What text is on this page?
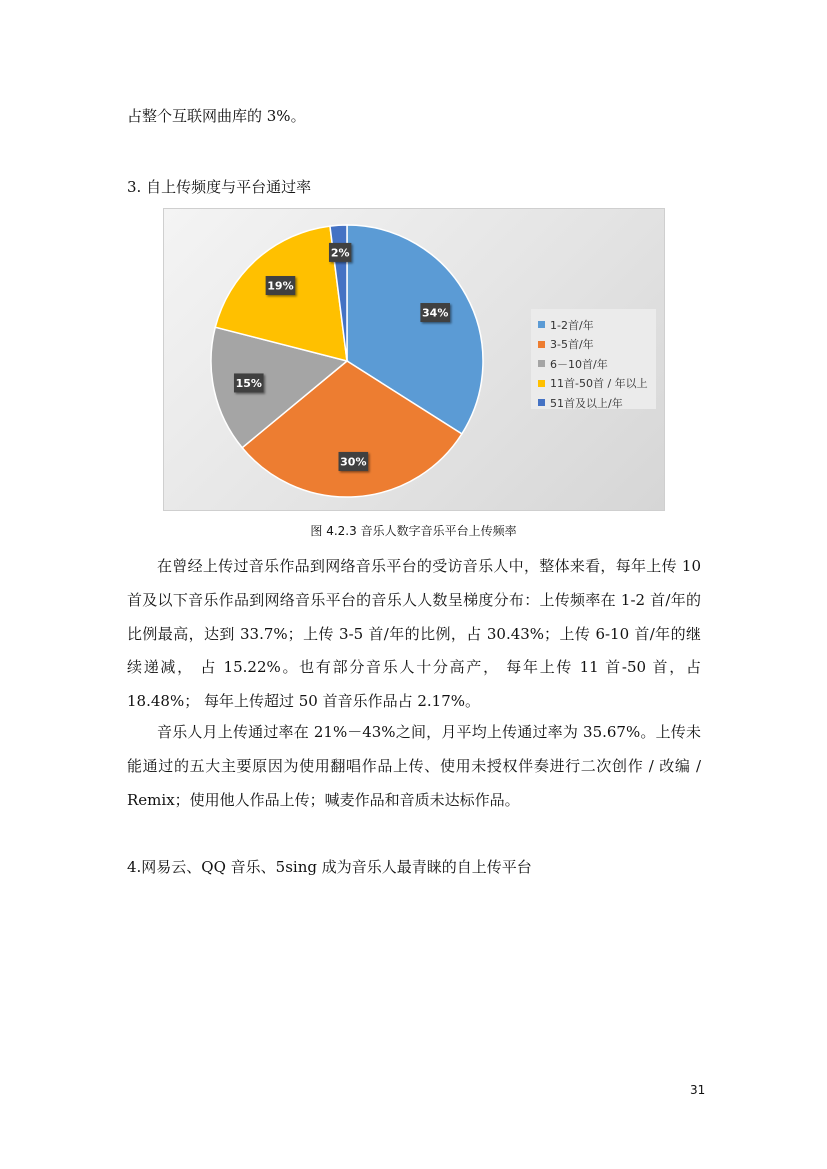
占整个互联网曲库的 3%。
3. 自上传频度与平台通过率
34%
30%
15%
19%
2%
1-2首/年
3-5首/年
6－10首/年
11首-50首 / 年以上
51首及以上/年
图 4.2.3 音乐人数字音乐平台上传频率

在曾经上传过音乐作品到网络音乐平台的受访音乐人中，整体来看，每年上传 10 首及以下音乐作品到网络音乐平台的音乐人人数呈梯度分布：上传频率在 1-2 首/年的比例最高，达到 33.7%；上传 3-5 首/年的比例，占 30.43%；上传 6-10 首/年的继续递减， 占 15.22%。也有部分音乐人十分高产， 每年上传 11 首-50 首，占 18.48%； 每年上传超过 50 首音乐作品占 2.17%。

音乐人月上传通过率在 21%－43%之间，月平均上传通过率为 35.67%。上传未能通过的五大主要原因为使用翻唱作品上传、使用未授权伴奏进行二次创作 / 改编 / Remix；使用他人作品上传；喊麦作品和音质未达标作品。

4.网易云、QQ 音乐、5sing 成为音乐人最青睐的自上传平台
31
